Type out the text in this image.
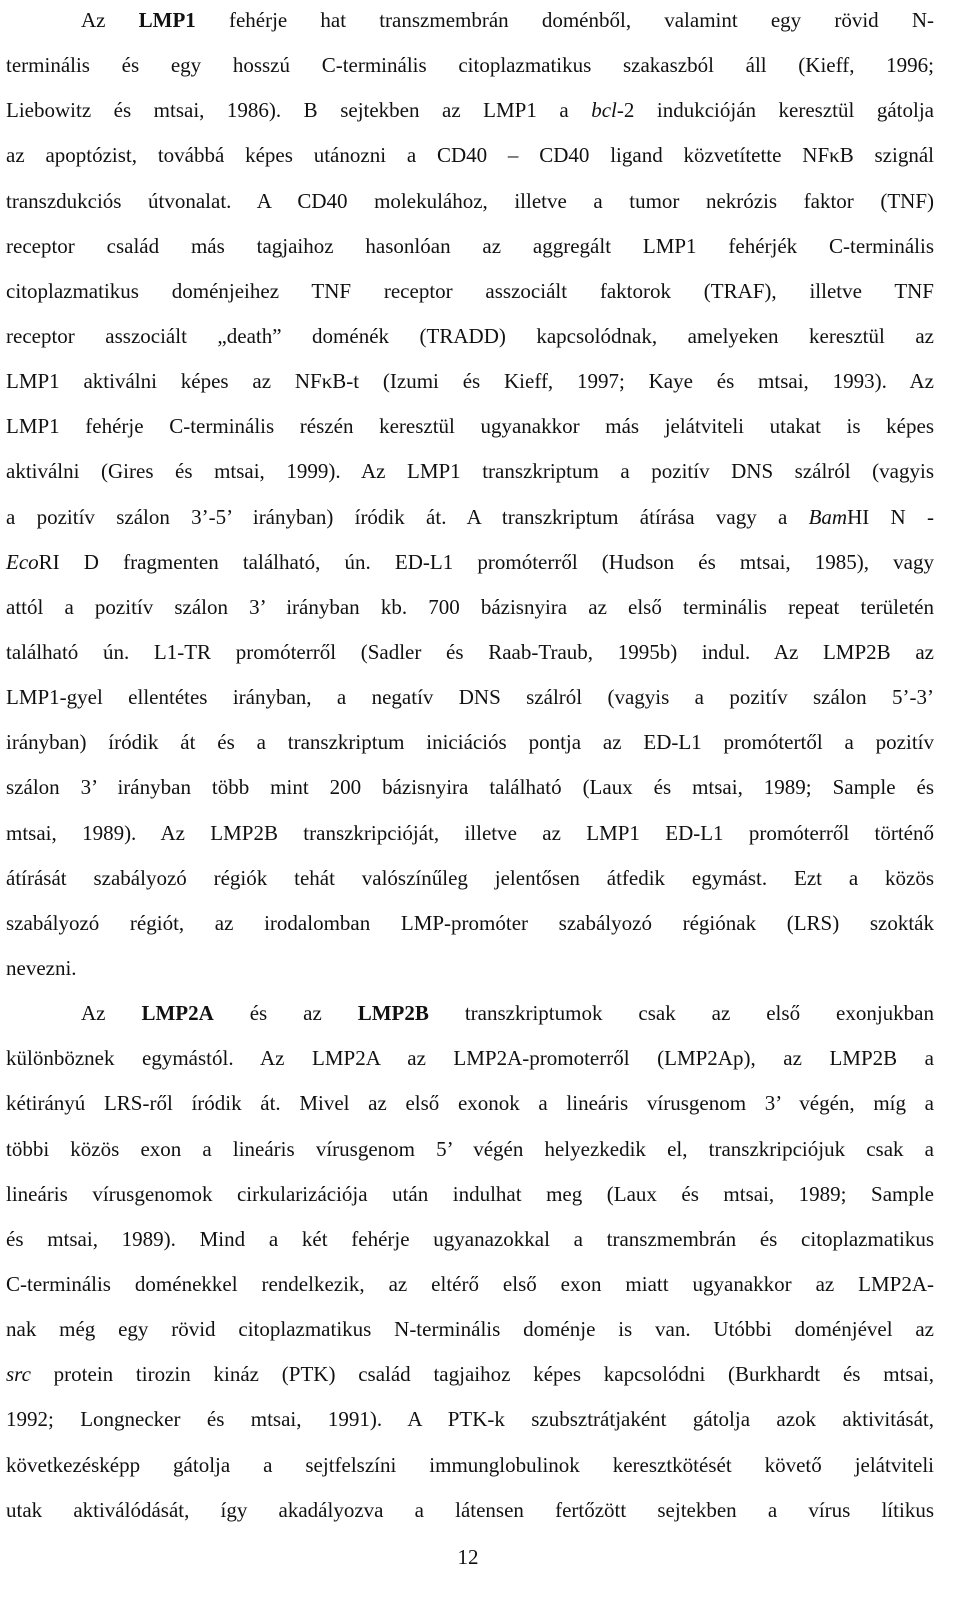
Az LMP1 fehérje hat transzmembrán doménből, valamint egy rövid N-
terminális és egy hosszú C-terminális citoplazmatikus szakaszból áll (Kieff, 1996;
Liebowitz és mtsai, 1986). B sejtekben az LMP1 a bcl-2 indukcióján keresztül gátolja
az apoptózist, továbbá képes utánozni a CD40 – CD40 ligand közvetítette NFκB szignál
transzdukciós útvonalat. A CD40 molekulához, illetve a tumor nekrózis faktor (TNF)
receptor család más tagjaihoz hasonlóan az aggregált LMP1 fehérjék C-terminális
citoplazmatikus doménjeihez TNF receptor asszociált faktorok (TRAF), illetve TNF
receptor asszociált „death” doménék (TRADD) kapcsolódnak, amelyeken keresztül az
LMP1 aktiválni képes az NFκB-t (Izumi és Kieff, 1997; Kaye és mtsai, 1993). Az
LMP1 fehérje C-terminális részén keresztül ugyanakkor más jelátviteli utakat is képes
aktiválni (Gires és mtsai, 1999). Az LMP1 transzkriptum a pozitív DNS szálról (vagyis
a pozitív szálon 3’-5’ irányban) íródik át. A transzkriptum átírása vagy a BamHI N -
EcoRI D fragmenten található, ún. ED-L1 promóterről (Hudson és mtsai, 1985), vagy
attól a pozitív szálon 3’ irányban kb. 700 bázisnyira az első terminális repeat területén
található ún. L1-TR promóterről (Sadler és Raab-Traub, 1995b) indul. Az LMP2B az
LMP1-gyel ellentétes irányban, a negatív DNS szálról (vagyis a pozitív szálon 5’-3’
irányban) íródik át és a transzkriptum iniciációs pontja az ED-L1 promótertől a pozitív
szálon 3’ irányban több mint 200 bázisnyira található (Laux és mtsai, 1989; Sample és
mtsai, 1989). Az LMP2B transzkripcióját, illetve az LMP1 ED-L1 promóterről történő
átírását szabályozó régiók tehát valószínűleg jelentősen átfedik egymást. Ezt a közös
szabályozó régiót, az irodalomban LMP-promóter szabályozó régiónak (LRS) szokták
nevezni.
Az LMP2A és az LMP2B transzkriptumok csak az első exonjukban
különböznek egymástól. Az LMP2A az LMP2A-promoterről (LMP2Ap), az LMP2B a
kétirányú LRS-ről íródik át. Mivel az első exonok a lineáris vírusgenom 3’ végén, míg a
többi közös exon a lineáris vírusgenom 5’ végén helyezkedik el, transzkripciójuk csak a
lineáris vírusgenomok cirkularizációja után indulhat meg (Laux és mtsai, 1989; Sample
és mtsai, 1989). Mind a két fehérje ugyanazokkal a transzmembrán és citoplazmatikus
C-terminális doménekkel rendelkezik, az eltérő első exon miatt ugyanakkor az LMP2A-
nak még egy rövid citoplazmatikus N-terminális doménje is van. Utóbbi doménjével az
src protein tirozin kináz (PTK) család tagjaihoz képes kapcsolódni (Burkhardt és mtsai,
1992; Longnecker és mtsai, 1991). A PTK-k szubsztrátjaként gátolja azok aktivitását,
következésképp gátolja a sejtfelszíni immunglobulinok keresztkötését követő jelátviteli
utak aktiválódását, így akadályozva a látensen fertőzött sejtekben a vírus lítikus
12
